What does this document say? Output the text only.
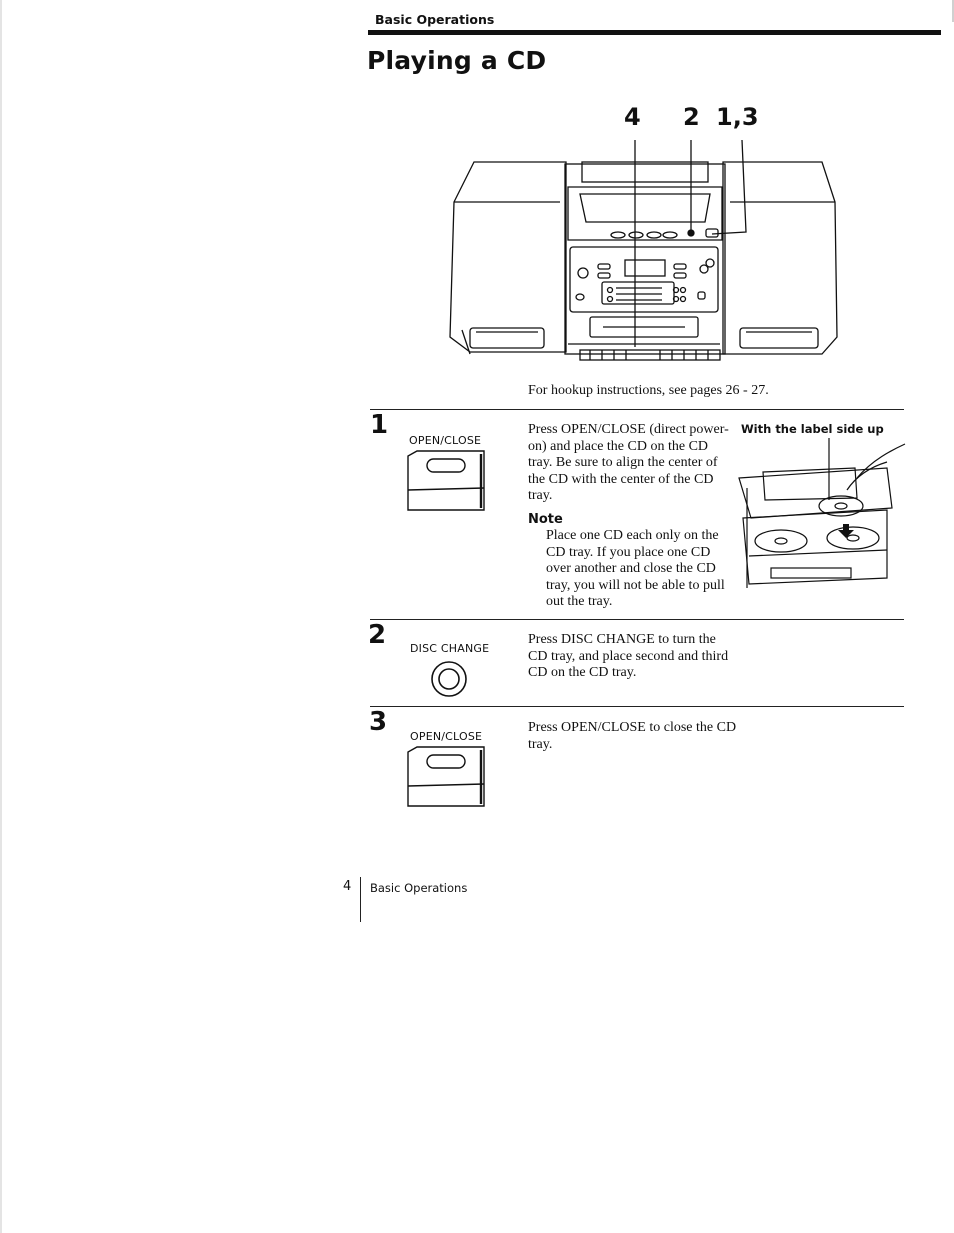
Basic Operations
Playing a CD
4 2 1,3
For hookup instructions, see pages 26 - 27.
1
OPEN/CLOSE
Press OPEN/CLOSE (direct power-on) and place the CD on the CD tray. Be sure to align the center of the CD with the center of the CD tray.
Note
Place one CD each only on the CD tray. If you place one CD over another and close the CD tray, you will not be able to pull out the tray.
With the label side up
2 DISC CHANGE
Press DISC CHANGE to turn the CD tray, and place second and third CD on the CD tray.
3 OPEN/CLOSE
Press OPEN/CLOSE to close the CD tray.
4 Basic Operations
